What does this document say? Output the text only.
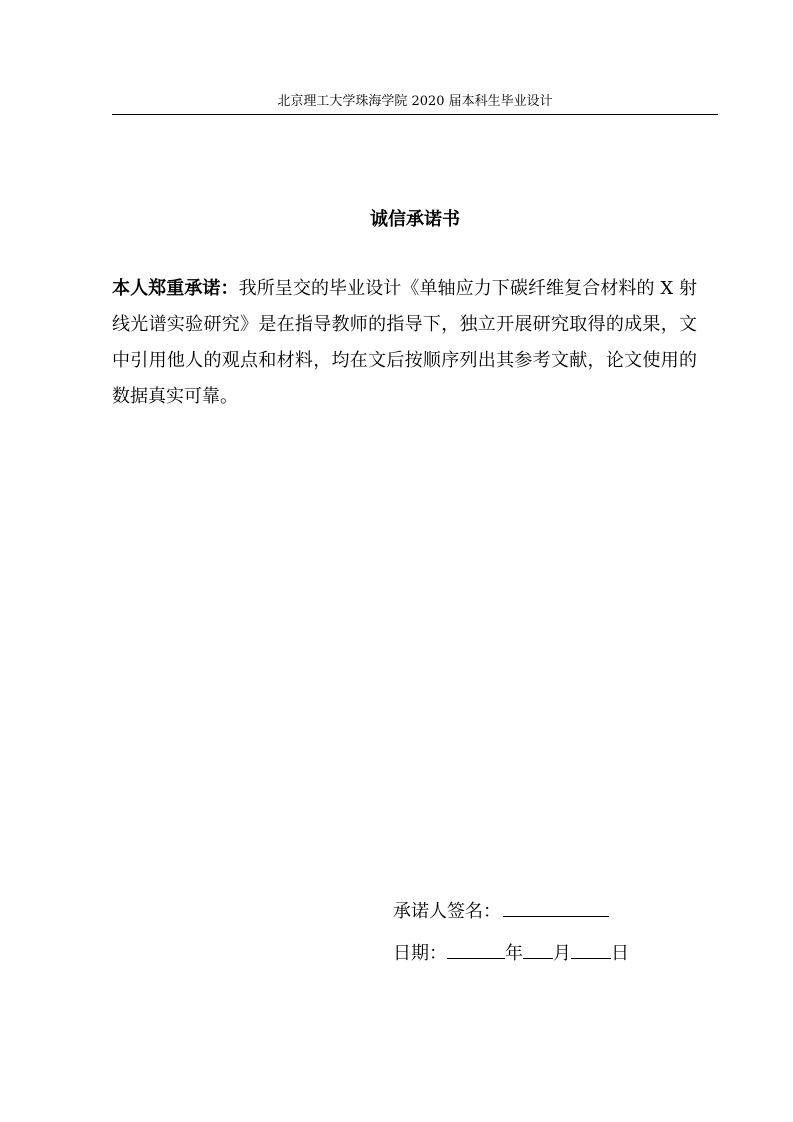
北京理工大学珠海学院 2020 届本科生毕业设计
诚信承诺书
本人郑重承诺：我所呈交的毕业设计《单轴应力下碳纤维复合材料的 X 射线光谱实验研究》是在指导教师的指导下，独立开展研究取得的成果，文中引用他人的观点和材料，均在文后按顺序列出其参考文献，论文使用的数据真实可靠。
承诺人签名：
日期：	年 月 日
